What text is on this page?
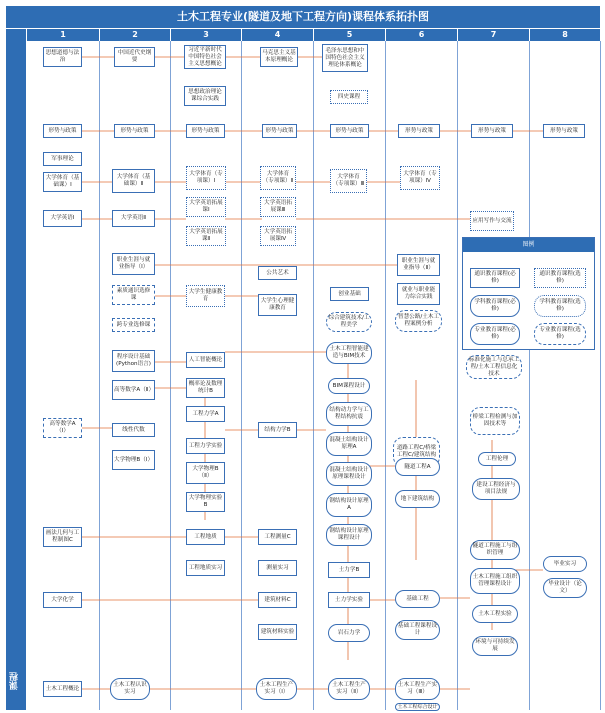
土木工程专业(隧道及地下工程方向)课程体系拓扑图
课程
1	2	3	4	5	6	7	8
思想道德与法治
形势与政策
军事理论
大学体育（基础课）Ⅰ
大学英语Ⅰ
高等数学A（Ⅰ）
画法几何与工程制图C
大学化学
土木工程概论
中国近代史纲要
形势与政策
大学体育（基础课）Ⅱ
大学英语Ⅱ
职业生涯与就业指导（Ⅰ）
素质通识选修课
跨专业选修课
程序设计基础(Python语言)
高等数学A（Ⅱ）
线性代数
大学物理B（Ⅰ）
土木工程认识实习
习近平新时代中国特色社会主义思想概论
思想政治理论课综合实践
形势与政策
大学体育（专项课）Ⅰ
大学英语拓展课Ⅰ
大学英语拓展课Ⅱ
大学生健康教育
人工智能概论
概率论及数理统计B
工程力学A
工程力学实验
大学物理B（Ⅱ）
大学物理实验B
工程地质
工程地质实习
马克思主义基本原理概论
形势与政策
大学体育（专项课）Ⅱ
大学英语拓展课Ⅲ
大学英语拓展课Ⅳ
公共艺术
大学生心理健康教育
结构力学B
工程测量C
测量实习
建筑材料C
建筑材料实验
土木工程生产实习（Ⅰ）
毛泽东思想和中国特色社会主义理论体系概论
四史课程
形势与政策
大学体育（专项课）Ⅲ
创业基础
综合建筑技术/工程美学
土木工程智能建造与BIM技术
BIM课程设计
结构动力学与工程结构抗震
混凝土结构设计原理A
混凝土结构设计原理课程设计
钢结构设计原理A
钢结构设计原理课程设计
土力学B
土力学实验
岩石力学
土木工程生产实习（Ⅱ）
大学体育（专项课）Ⅳ
形势与政策
职业生涯与就业指导（Ⅱ）
就业与职业能力综合实践
智慧公路/土木工程案例分析
道路工程C/桥梁工程C/建筑结构
隧道工程A
地下建筑结构
基础工程
基础工程课程设计
土木工程生产实习（Ⅲ）
土木工程综合设计
形势与政策
应用写作与交流
标准化施工与总承工程/土木工程信息化技术
桥梁工程检测与加固技术等
工程伦理
建设工程经济与项目法规
隧道工程施工与组织管理
土木工程施工组织管理课程设计
土木工程实验
环境与可持续发展
形势与政策
毕业实习
毕业设计（论文）
图例
通识教育课程(必修)
通识教育课程(选修)
学科教育课程(必修)
学科教育课程(选修)
专业教育课程(必修)
专业教育课程(选修)
